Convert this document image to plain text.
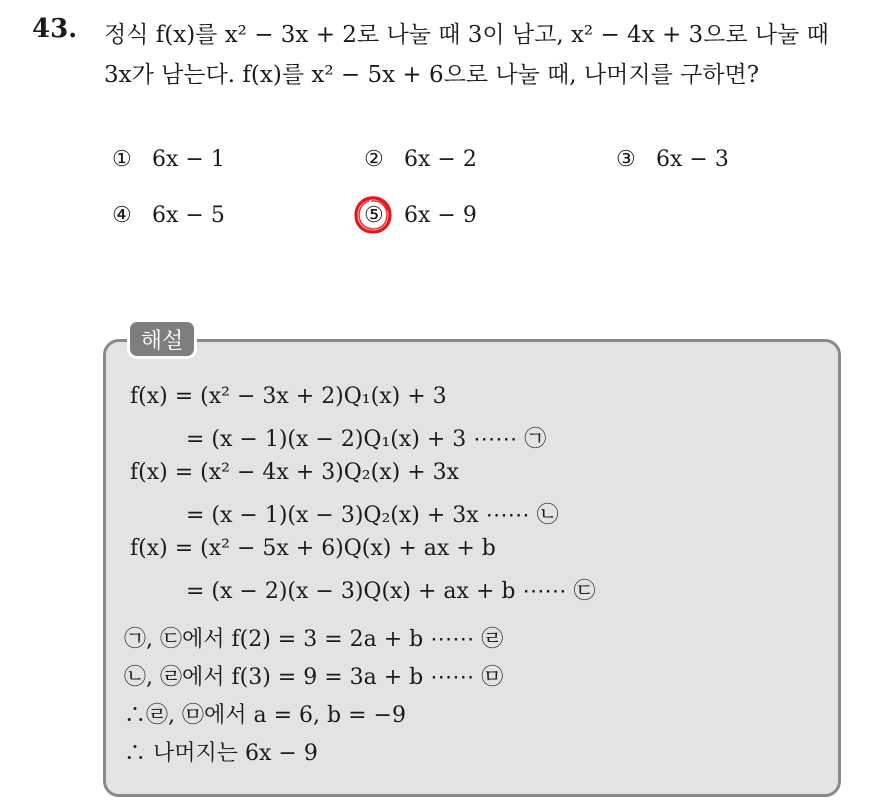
43. 정식 f(x)를 x² − 3x + 2로 나눌 때 3이 남고, x² − 4x + 3으로 나눌 때
3x가 남는다. f(x)를 x² − 5x + 6으로 나눌 때, 나머지를 구하면?
① 6x − 1	② 6x − 2	③ 6x − 3
④ 6x − 5	⑤ 6x − 9
해설
f(x) = (x² − 3x + 2)Q₁(x) + 3
= (x − 1)(x − 2)Q₁(x) + 3 ⋯⋯ ㉠
f(x) = (x² − 4x + 3)Q₂(x) + 3x
= (x − 1)(x − 3)Q₂(x) + 3x ⋯⋯ ㉡
f(x) = (x² − 5x + 6)Q(x) + ax + b
= (x − 2)(x − 3)Q(x) + ax + b ⋯⋯ ㉢
㉠, ㉢에서 f(2) = 3 = 2a + b ⋯⋯ ㉣
㉡, ㉣에서 f(3) = 9 = 3a + b ⋯⋯ ㉤
∴㉣, ㉤에서 a = 6, b = −9
∴ 나머지는 6x − 9
